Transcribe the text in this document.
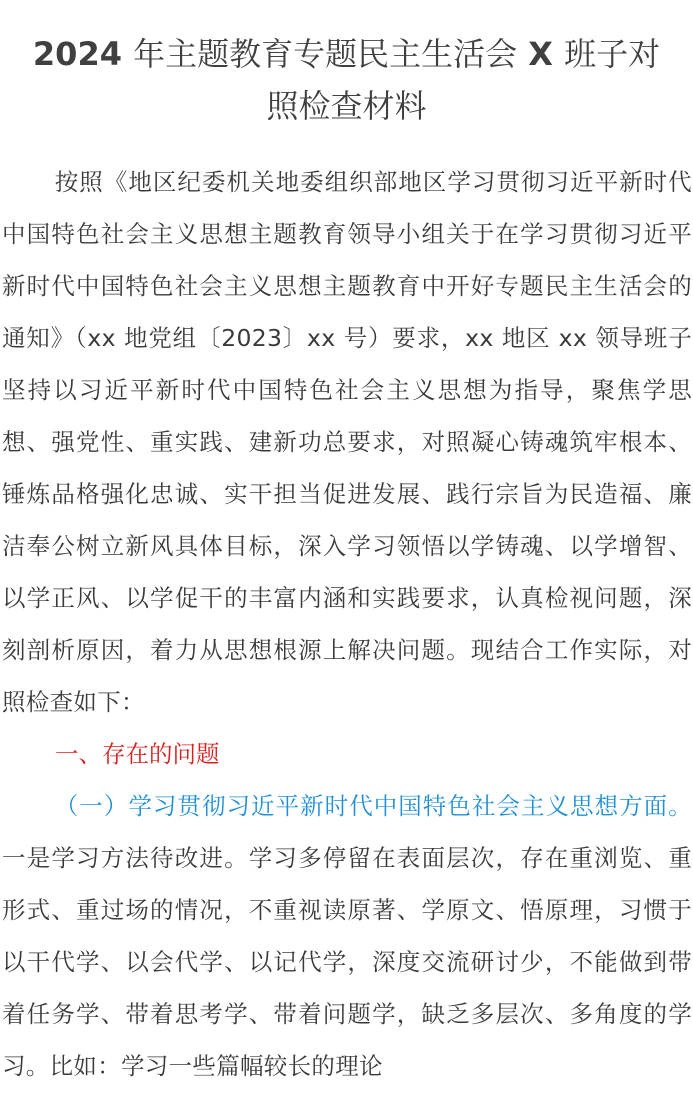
2024 年主题教育专题民主生活会 X 班子对
照检查材料

按照《地区纪委机关地委组织部地区学习贯彻习近平新时代中国特色社会主义思想主题教育领导小组关于在学习贯彻习近平新时代中国特色社会主义思想主题教育中开好专题民主生活会的通知》（xx 地党组〔2023〕xx 号）要求，xx 地区 xx 领导班子坚持以习近平新时代中国特色社会主义思想为指导，聚焦学思想、强党性、重实践、建新功总要求，对照凝心铸魂筑牢根本、锤炼品格强化忠诚、实干担当促进发展、践行宗旨为民造福、廉洁奉公树立新风具体目标，深入学习领悟以学铸魂、以学增智、以学正风、以学促干的丰富内涵和实践要求，认真检视问题，深刻剖析原因，着力从思想根源上解决问题。现结合工作实际，对照检查如下：

一、存在的问题

（一）学习贯彻习近平新时代中国特色社会主义思想方面。一是学习方法待改进。学习多停留在表面层次，存在重浏览、重形式、重过场的情况，不重视读原著、学原文、悟原理，习惯于以干代学、以会代学、以记代学，深度交流研讨少，不能做到带着任务学、带着思考学、带着问题学，缺乏多层次、多角度的学习。比如：学习一些篇幅较长的理论
